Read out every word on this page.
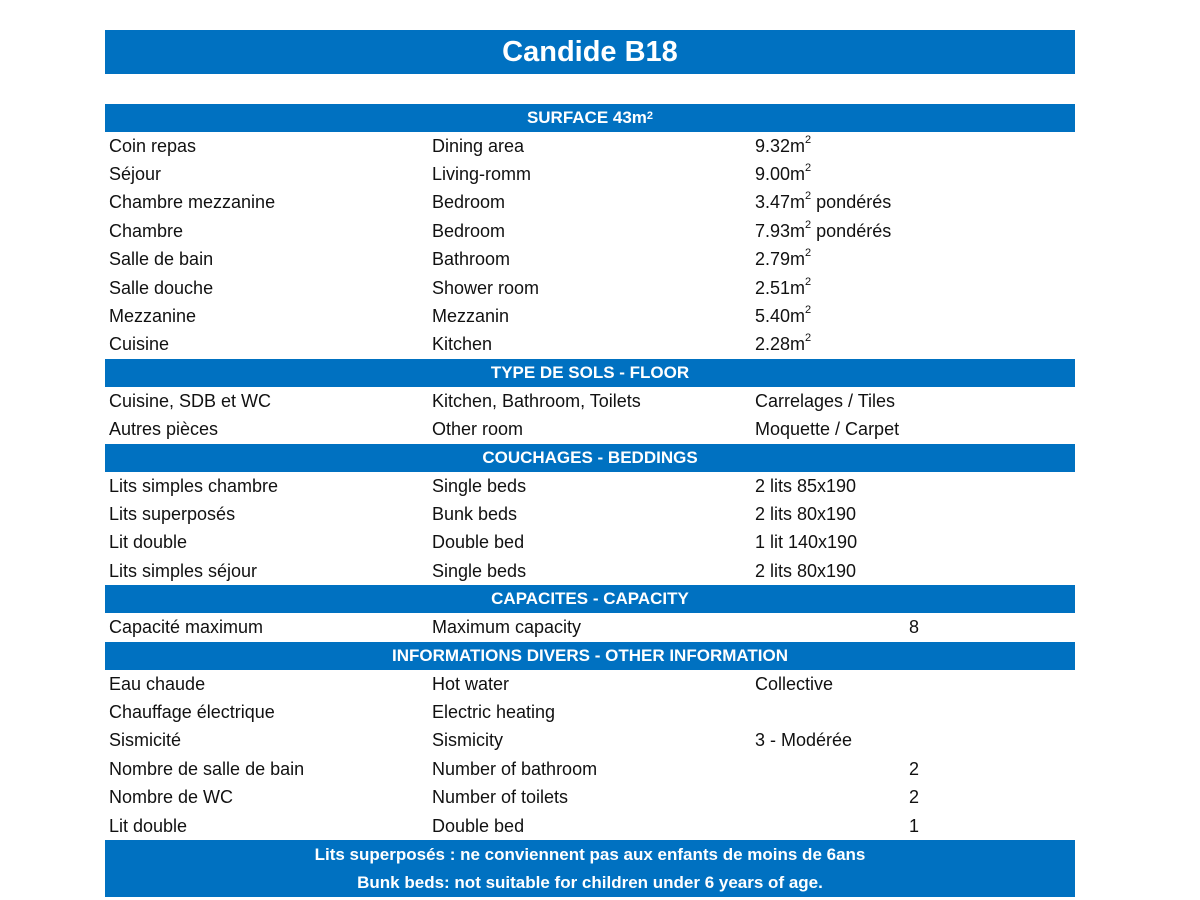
Candide B18
SURFACE $43m^2$
Coin repas	Dining area	$9.32m^2$
Séjour	Living-romm	$9.00m^2$
Chambre mezzanine	Bedroom	$3.47m^2$ pondérés
Chambre	Bedroom	$7.93m^2$ pondérés
Salle de bain	Bathroom	$2.79m^2$
Salle douche	Shower room	$2.51m^2$
Mezzanine	Mezzanin	$5.40m^2$
Cuisine	Kitchen	$2.28m^2$
TYPE DE SOLS - FLOOR
Cuisine, SDB et WC	Kitchen, Bathroom, Toilets	Carrelages / Tiles
Autres pièces	Other room	Moquette / Carpet
COUCHAGES - BEDDINGS
Lits simples chambre	Single beds	2 lits 85x190
Lits superposés	Bunk beds	2 lits 80x190
Lit double	Double bed	1 lit 140x190
Lits simples séjour	Single beds	2 lits 80x190
CAPACITES - CAPACITY
Capacité maximum	Maximum capacity	8
INFORMATIONS DIVERS - OTHER INFORMATION
Eau chaude	Hot water	Collective
Chauffage électrique	Electric heating
Sismicité	Sismicity	3 - Modérée
Nombre de salle de bain	Number of bathroom	2
Nombre de WC	Number of toilets	2
Lit double	Double bed	1
Lits superposés : ne conviennent pas aux enfants de moins de 6ans
Bunk beds: not suitable for children under 6 years of age.
